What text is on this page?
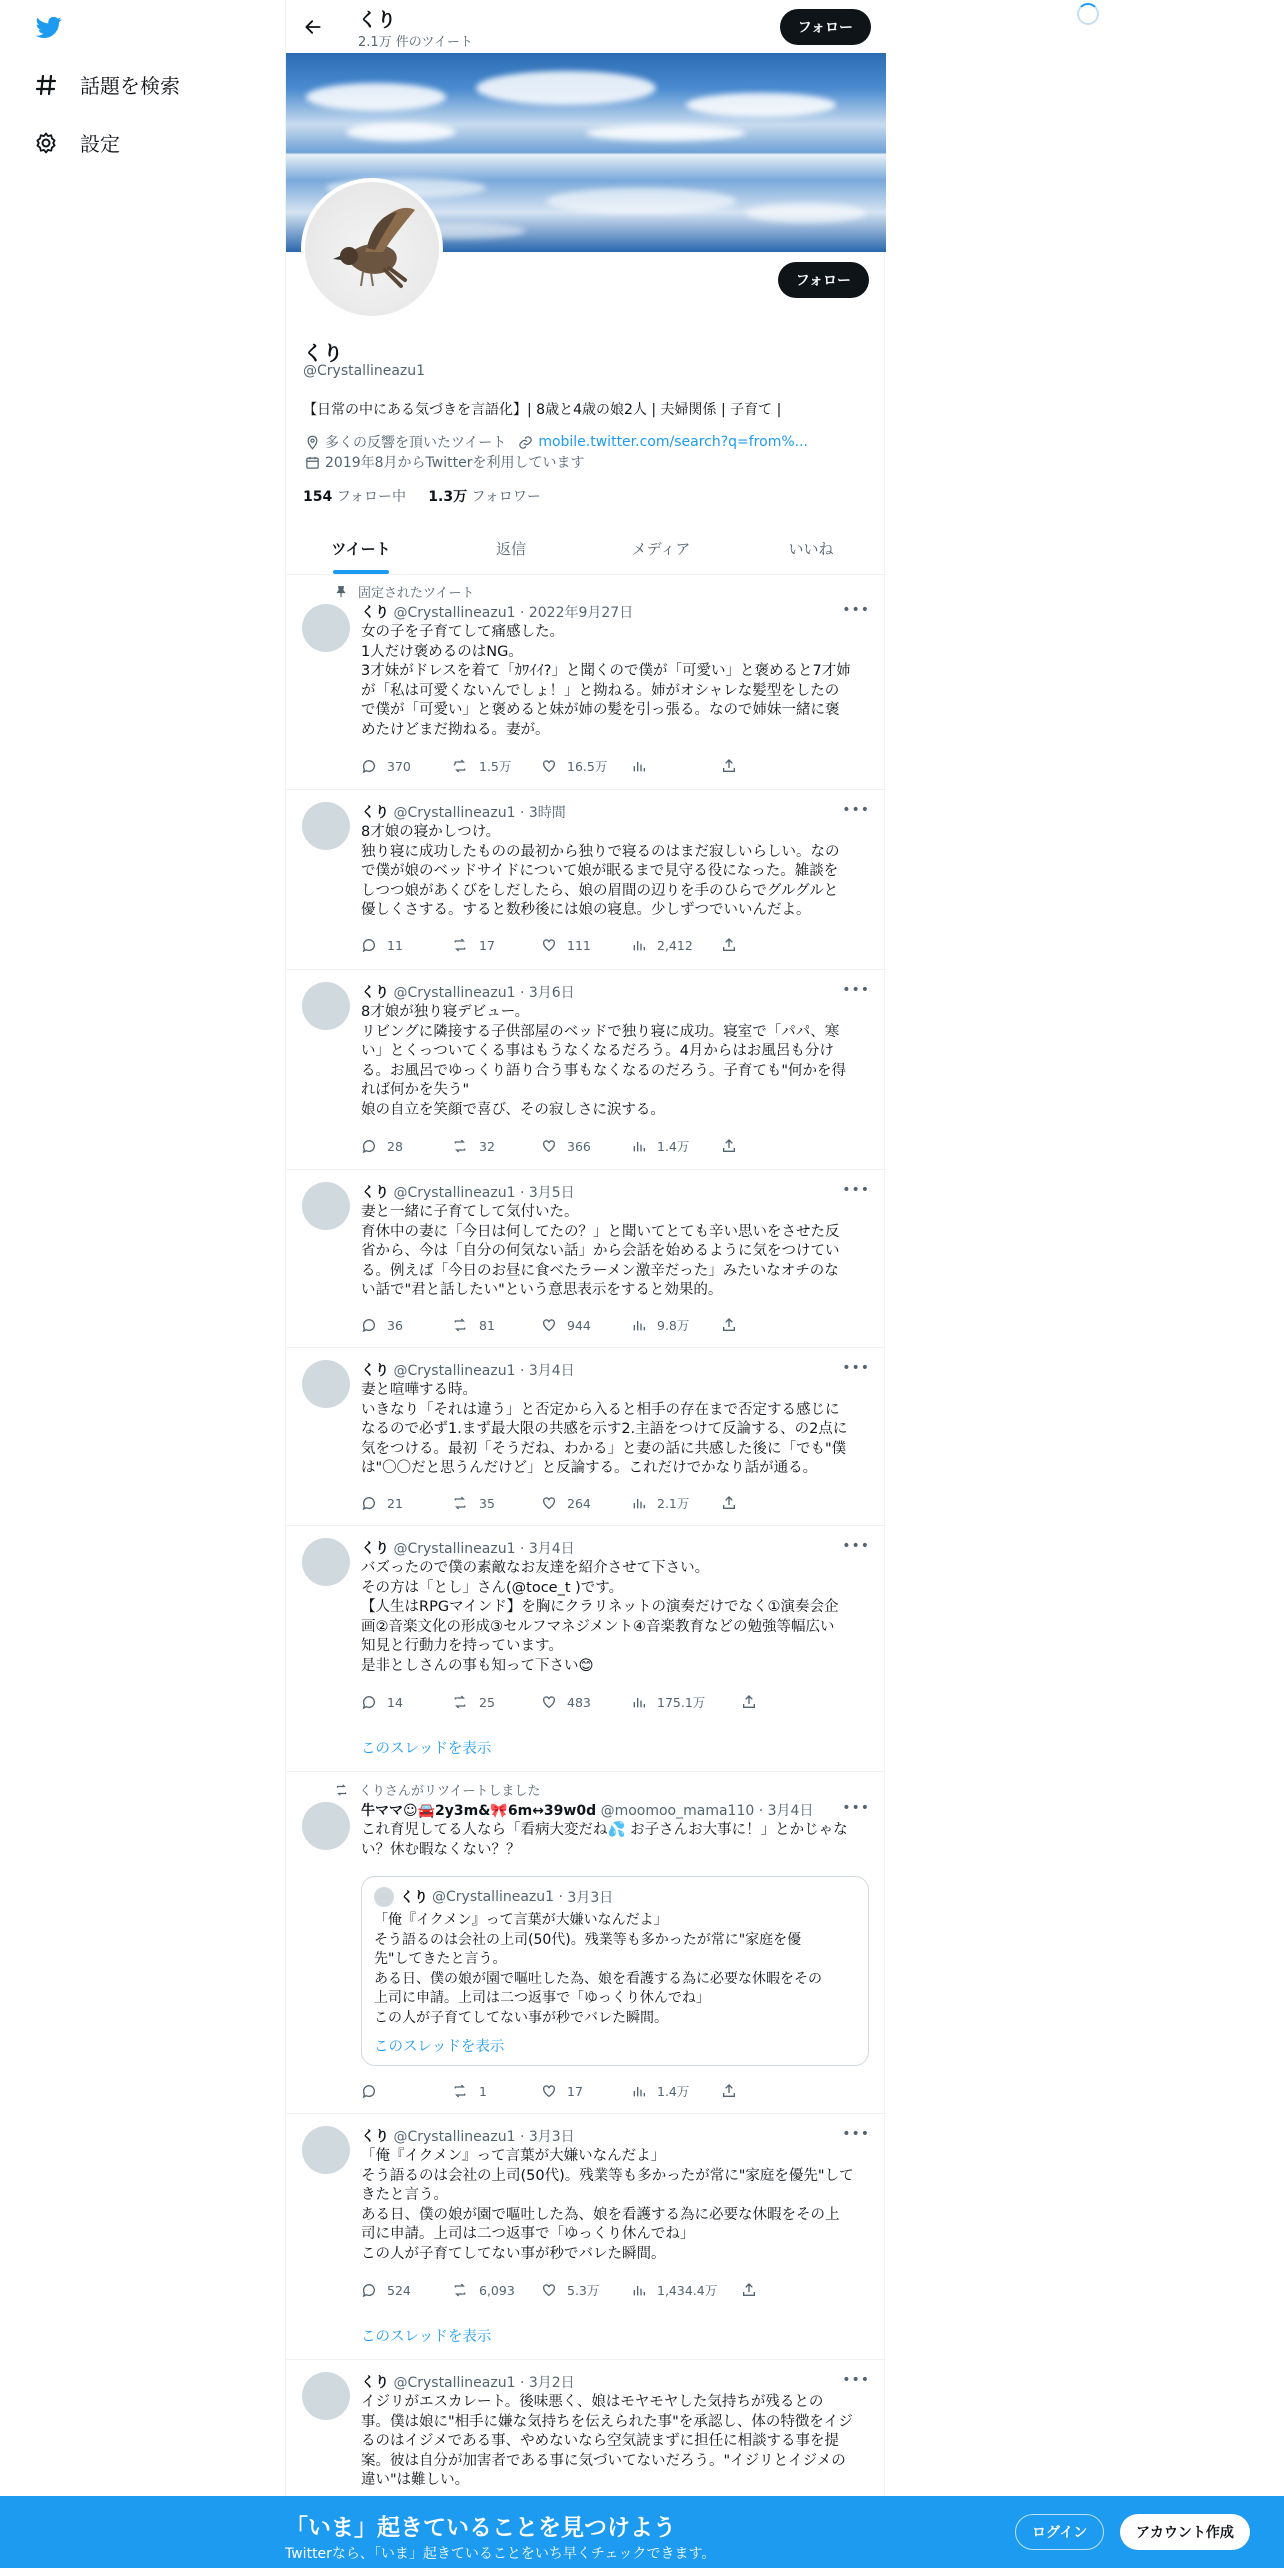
話題を検索
設定
くり
2.1万 件のツイート
フォロー
フォロー
くり
@Crystallineazu1
【日常の中にある気づきを言語化】| 8歳と4歳の娘2人 | 夫婦関係 | 子育て |
多くの反響を頂いたツイート mobile.twitter.com/search?q=from%...
2019年8月からTwitterを利用しています
154 フォロー中 1.3万 フォロワー
ツイート	返信	メディア	いいね
固定されたツイート
くり @Crystallineazu1 · 2022年9月27日	•••
女の子を子育てして痛感した。
1人だけ褒めるのはNG。
3才妹がドレスを着て「ｶﾜｲｲ?」と聞くので僕が「可愛い」と褒めると7才姉
が「私は可愛くないんでしょ！」と拗ねる。姉がオシャレな髪型をしたの
で僕が「可愛い」と褒めると妹が姉の髪を引っ張る。なので姉妹一緒に褒
めたけどまだ拗ねる。妻が。
370	1.5万	16.5万
くり @Crystallineazu1 · 3時間	•••
8才娘の寝かしつけ。
独り寝に成功したものの最初から独りで寝るのはまだ寂しいらしい。なの
で僕が娘のベッドサイドについて娘が眠るまで見守る役になった。雑談を
しつつ娘があくびをしだしたら、娘の眉間の辺りを手のひらでグルグルと
優しくさする。すると数秒後には娘の寝息。少しずつでいいんだよ。
11	17	111	2,412
くり @Crystallineazu1 · 3月6日	•••
8才娘が独り寝デビュー。
リビングに隣接する子供部屋のベッドで独り寝に成功。寝室で「パパ、寒
い」とくっついてくる事はもうなくなるだろう。4月からはお風呂も分け
る。お風呂でゆっくり語り合う事もなくなるのだろう。子育ても"何かを得
れば何かを失う"
娘の自立を笑顔で喜び、その寂しさに涙する。
28	32	366	1.4万
くり @Crystallineazu1 · 3月5日	•••
妻と一緒に子育てして気付いた。
育休中の妻に「今日は何してたの？」と聞いてとても辛い思いをさせた反
省から、今は「自分の何気ない話」から会話を始めるように気をつけてい
る。例えば「今日のお昼に食べたラーメン激辛だった」みたいなオチのな
い話で"君と話したい"という意思表示をすると効果的。
36	81	944	9.8万
くり @Crystallineazu1 · 3月4日	•••
妻と喧嘩する時。
いきなり「それは違う」と否定から入ると相手の存在まで否定する感じに
なるので必ず1.まず最大限の共感を示す2.主語をつけて反論する、の2点に
気をつける。最初「そうだね、わかる」と妻の話に共感した後に「でも"僕
は"〇〇だと思うんだけど」と反論する。これだけでかなり話が通る。
21	35	264	2.1万
くり @Crystallineazu1 · 3月4日	•••
バズったので僕の素敵なお友達を紹介させて下さい。
その方は「とし」さん(@toce_t )です。
【人生はRPGマインド】を胸にクラリネットの演奏だけでなく①演奏会企
画②音楽文化の形成③セルフマネジメント④音楽教育などの勉強等幅広い
知見と行動力を持っています。
是非としさんの事も知って下さい😊
14	25	483	175.1万
このスレッドを表示
くりさんがリツイートしました
牛ママ☺🚘2y3m&🎀6m↔39w0d @moomoo_mama110 · 3月4日 •••
これ育児してる人なら「看病大変だね💦 お子さんお大事に！」とかじゃな
い？休む暇なくない？？
くり @Crystallineazu1 · 3月3日
「俺『イクメン』って言葉が大嫌いなんだよ」
そう語るのは会社の上司(50代)。残業等も多かったが常に"家庭を優
先"してきたと言う。
ある日、僕の娘が園で嘔吐した為、娘を看護する為に必要な休暇をその
上司に申請。上司は二つ返事で「ゆっくり休んでね」
この人が子育てしてない事が秒でバレた瞬間。
このスレッドを表示
1	17	1.4万
くり @Crystallineazu1 · 3月3日	•••
「俺『イクメン』って言葉が大嫌いなんだよ」
そう語るのは会社の上司(50代)。残業等も多かったが常に"家庭を優先"して
きたと言う。
ある日、僕の娘が園で嘔吐した為、娘を看護する為に必要な休暇をその上
司に申請。上司は二つ返事で「ゆっくり休んでね」
この人が子育てしてない事が秒でバレた瞬間。
524	6,093	5.3万	1,434.4万
このスレッドを表示
くり @Crystallineazu1 · 3月2日	•••
イジリがエスカレート。後味悪く、娘はモヤモヤした気持ちが残るとの
事。僕は娘に"相手に嫌な気持ちを伝えられた事"を承認し、体の特徴をイジ
るのはイジメである事、やめないなら空気読まずに担任に相談する事を提
案。彼は自分が加害者である事に気づいてないだろう。"イジリとイジメの
違い"は難しい。
「いま」起きていることを見つけよう
Twitterなら、「いま」起きていることをいち早くチェックできます。
ログイン	アカウント作成
